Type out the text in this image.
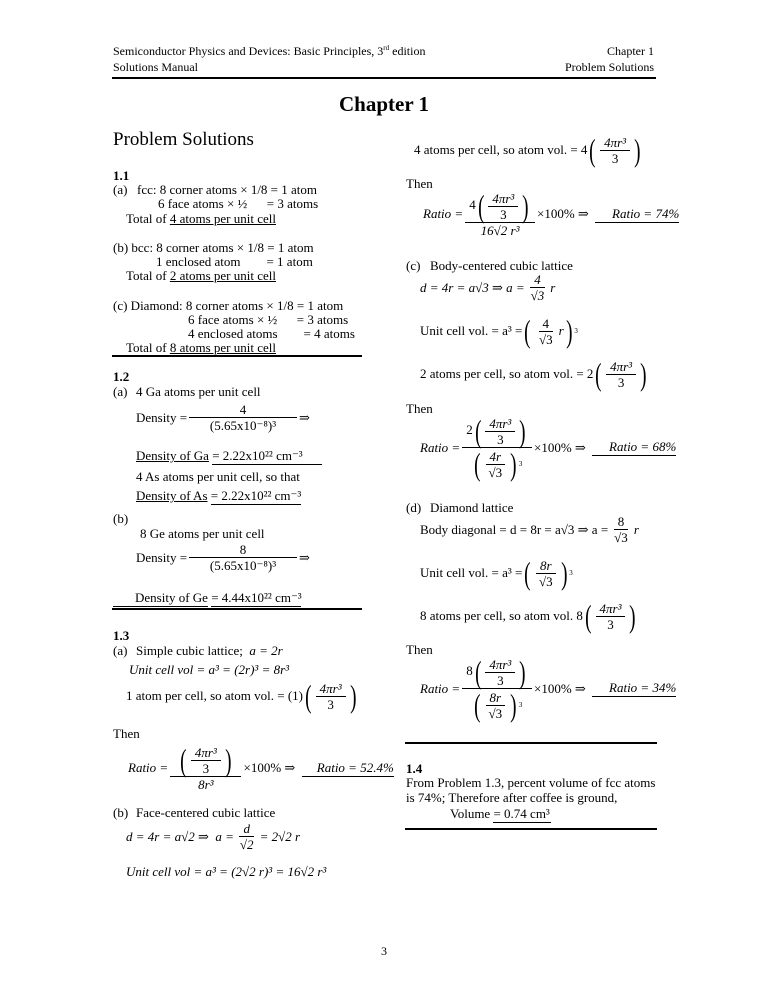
Semiconductor Physics and Devices: Basic Principles, 3rd edition
Solutions Manual
Chapter 1
Problem Solutions
Chapter 1
Problem Solutions
1.1
(a) fcc: 8 corner atoms × 1/8 = 1 atom
6 face atoms × ½      = 3 atoms
Total of 4 atoms per unit cell
(b) bcc: 8 corner atoms × 1/8 = 1 atom
1 enclosed atom        = 1 atom
Total of 2 atoms per unit cell
(c) Diamond: 8 corner atoms × 1/8 = 1 atom
6 face atoms × ½      = 3 atoms
4 enclosed atoms        = 4 atoms
Total of 8 atoms per unit cell
1.2
(a) 4 Ga atoms per unit cell
Density = $\frac{4}{\text{(5.65x10⁻⁸)³}}$ ⇒
Density of Ga = 2.22x10²² cm⁻³
4 As atoms per unit cell, so that
Density of As = 2.22x10²² cm⁻³
(b)
8 Ge atoms per unit cell
Density = $\frac{8}{\text{(5.65x10⁻⁸)³}}$ ⇒
Density of Ge = 4.44x10²² cm⁻³
1.3
(a) Simple cubic lattice; a = 2r
Unit cell vol = a³ = (2r)³ = 8r³
1 atom per cell, so atom vol. = (1) ( $\frac{\text{4πr³}}{3}$ )
Then
Ratio = $\frac{( \frac{\text{4πr³}}{3} )}{\text{8r³}} \times 100\%$ ⇒
	Ratio = 52.4%
(b) Face-centered cubic lattice
d = 4r = a√2 ⇒
$a = \frac{d}{√2} = 2√2$ r
Unit cell vol = a³ = (2√2 r)³ = 16√2 r³
4 atoms per cell, so atom vol. = 4 ( $\frac{\text{4πr³}}{3}$ )
Then
Ratio = $\frac{4 ( \frac{\text{4πr³}}{3} )}{\text{16√2 r³}} \times 100\%$ ⇒
	Ratio = 74%
(c) Body-centered cubic lattice
d = 4r = a√3 ⇒ $a = \frac{4}{√3}$ r
Unit cell vol. = a³ = ( $\frac{4}{√3}$ r ) 3
2 atoms per cell, so atom vol. = 2 ( $\frac{\text{4πr³}}{3}$ )
Then
Ratio = $\frac{2 ( \frac{\text{4πr³}}{3} )}{( \frac{4r}{√3} ) 3} \times 100\%$ ⇒
	Ratio = 68%
(d) Diamond lattice
Body diagonal = d = 8r = a√3 ⇒ $a = \frac{8}{√3}$ r
Unit cell vol. = a³ = ( $\frac{8r}{√3}$ ) 3
8 atoms per cell, so atom vol. 8 ( $\frac{\text{4πr³}}{3}$ )
Then
Ratio = $\frac{8 ( \frac{\text{4πr³}}{3} )}{( \frac{8r}{√3} ) 3} \times 100\%$ ⇒
	Ratio = 34%
1.4
From Problem 1.3, percent volume of fcc atoms
is 74%; Therefore after coffee is ground,
Volume = 0.74 cm³
3
